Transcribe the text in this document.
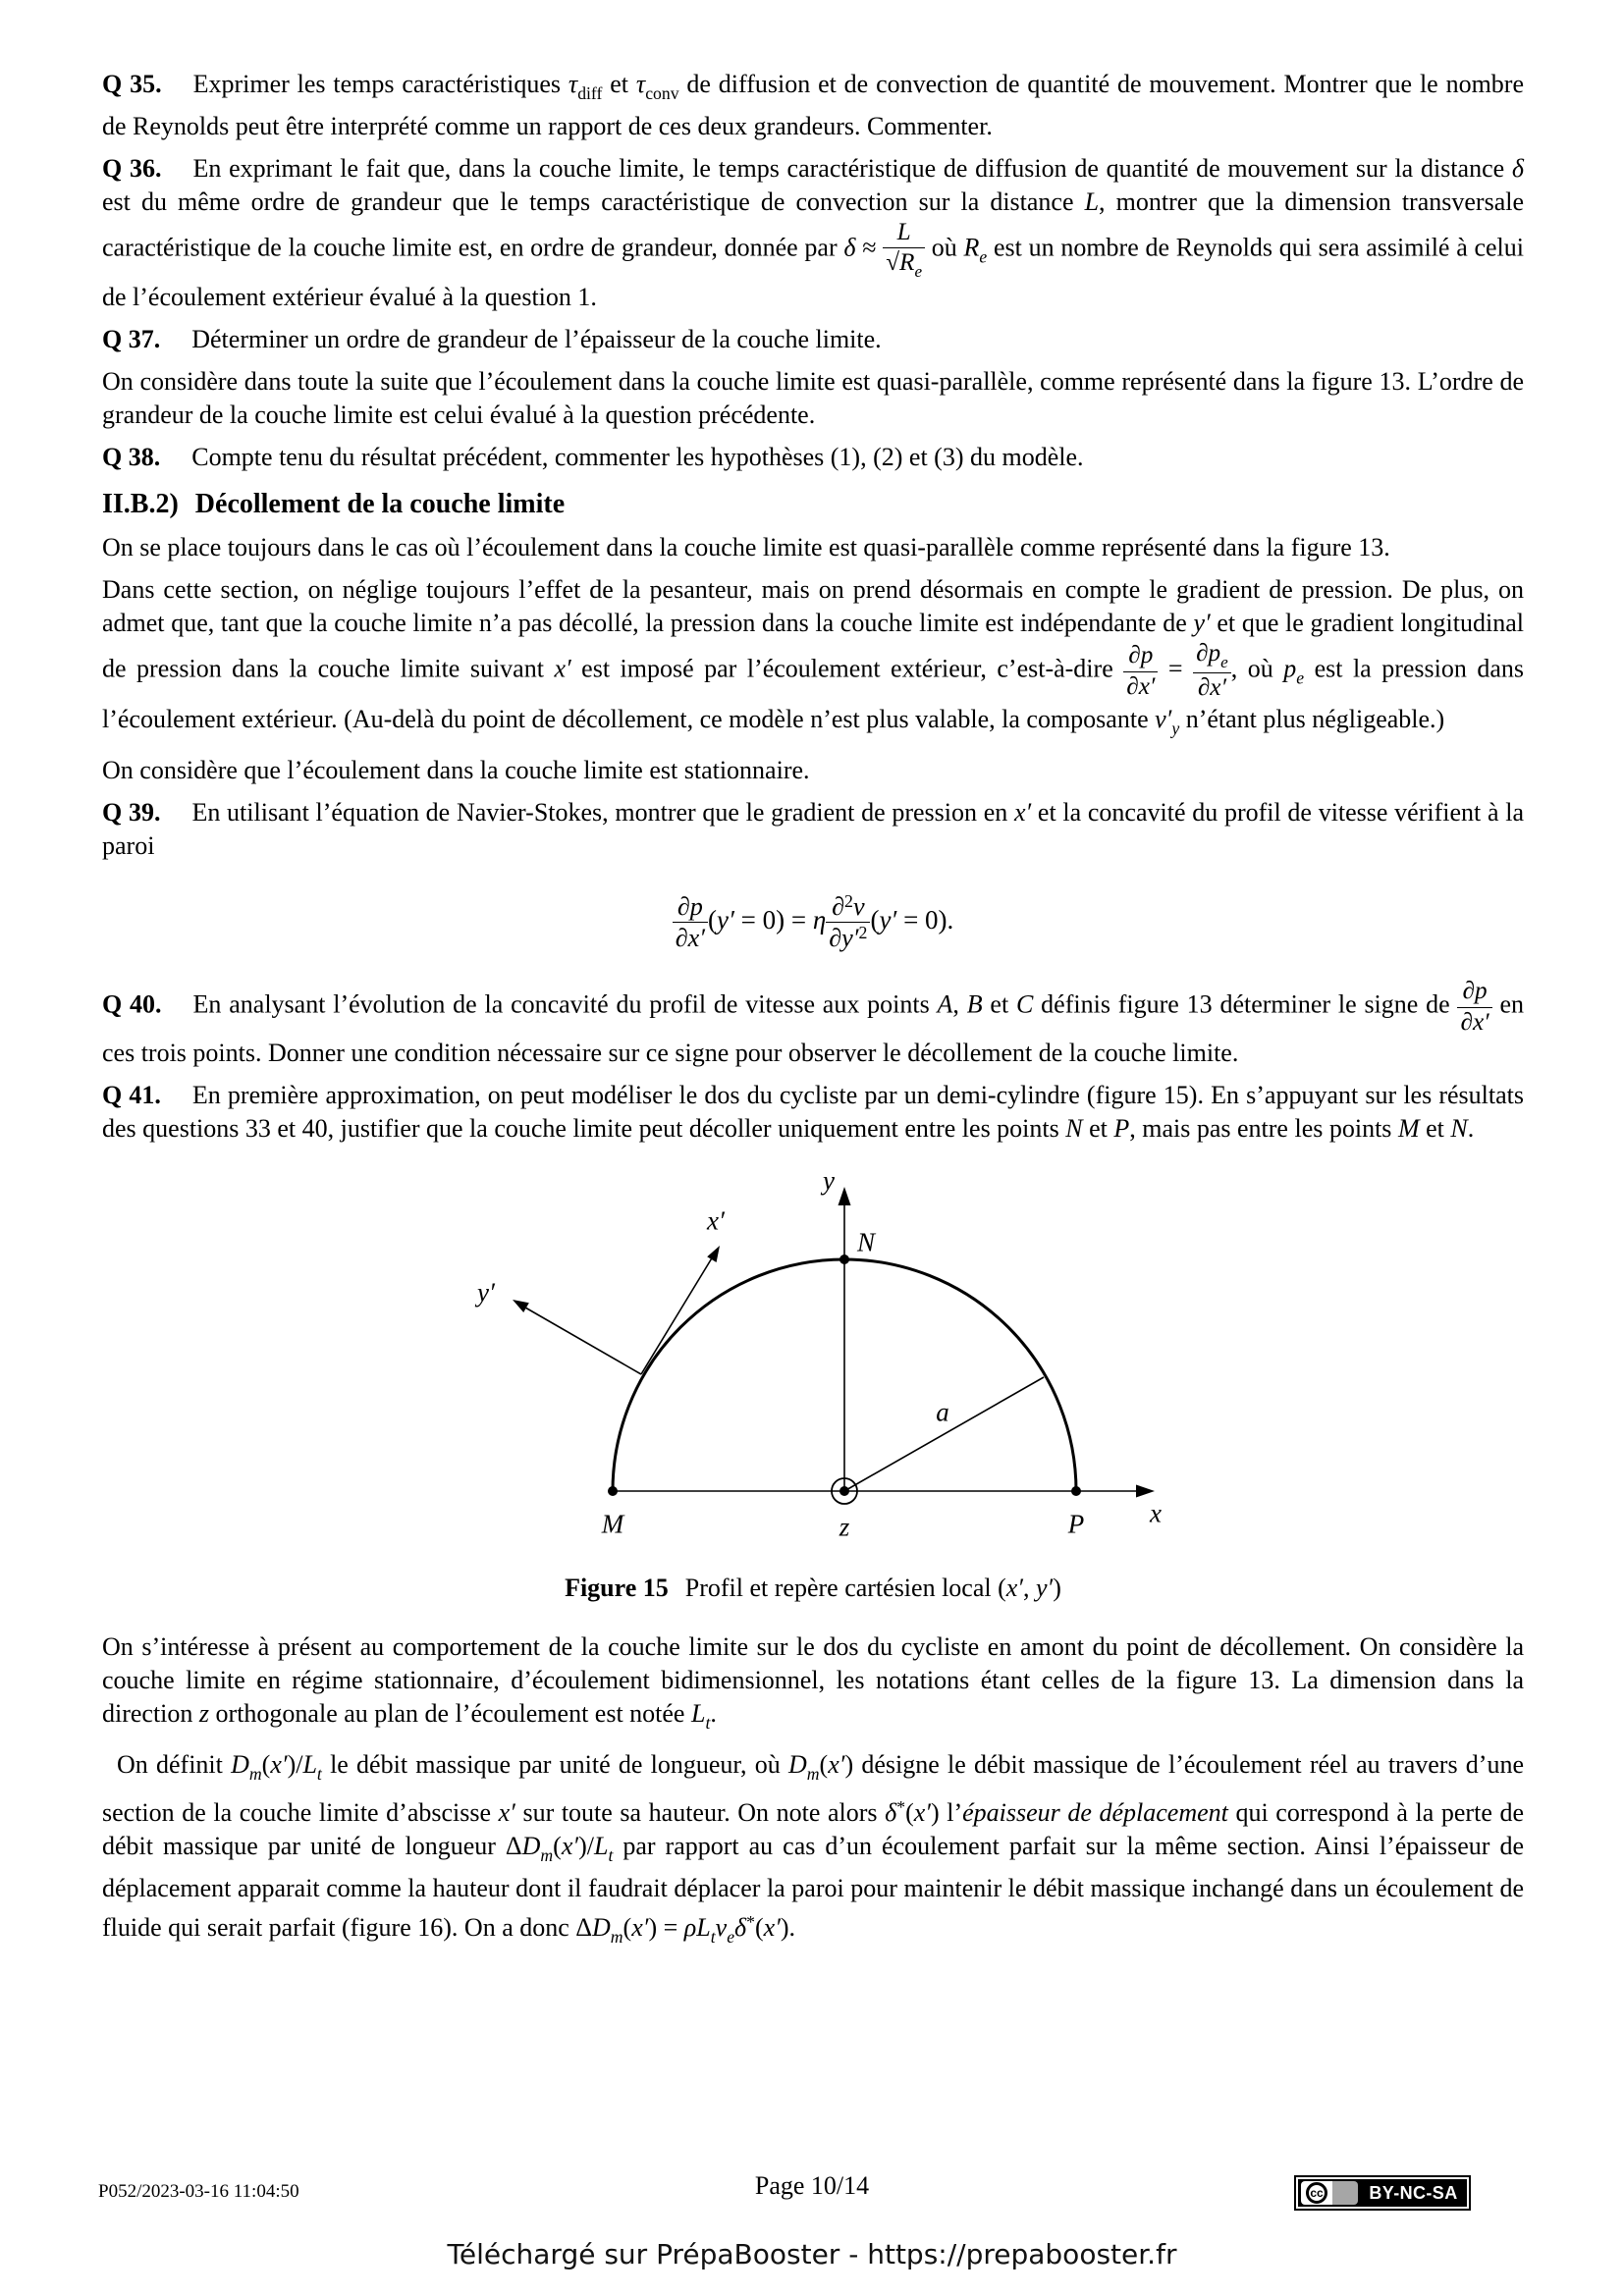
Q 35. Exprimer les temps caractéristiques $\tau_{diff}$ et $\tau_{conv}$ de diffusion et de convection de quantité de mouvement. Montrer que le nombre de Reynolds peut être interprété comme un rapport de ces deux grandeurs. Commenter.
Q 36. En exprimant le fait que, dans la couche limite, le temps caractéristique de diffusion de quantité de mouvement sur la distance δ est du même ordre de grandeur que le temps caractéristique de convection sur la distance L, montrer que la dimension transversale caractéristique de la couche limite est, en ordre de grandeur, donnée par $\delta \approx \frac{L}{√R_e}$ où $R_e$ est un nombre de Reynolds qui sera assimilé à celui de l’écoulement extérieur évalué à la question 1.
Q 37. Déterminer un ordre de grandeur de l’épaisseur de la couche limite.
On considère dans toute la suite que l’écoulement dans la couche limite est quasi-parallèle, comme représenté dans la figure 13. L’ordre de grandeur de la couche limite est celui évalué à la question précédente.
Q 38. Compte tenu du résultat précédent, commenter les hypothèses (1), (2) et (3) du modèle.
II.B.2) Décollement de la couche limite
On se place toujours dans le cas où l’écoulement dans la couche limite est quasi-parallèle comme représenté dans la figure 13.
Dans cette section, on néglige toujours l’effet de la pesanteur, mais on prend désormais en compte le gradient de pression. De plus, on admet que, tant que la couche limite n’a pas décollé, la pression dans la couche limite est indépendante de y′ et que le gradient longitudinal de pression dans la couche limite suivant x′ est imposé par l’écoulement extérieur, c’est-à-dire $\frac{\partial p}{\partial x'} = \frac{\partial p_e}{\partial x'}$ , où $p_e$ est la pression dans l’écoulement extérieur. (Au-delà du point de décollement, ce modèle n’est plus valable, la composante $v'_y$ n’étant plus négligeable.)
On considère que l’écoulement dans la couche limite est stationnaire.
Q 39. En utilisant l’équation de Navier-Stokes, montrer que le gradient de pression en x′ et la concavité du profil de vitesse vérifient à la paroi
$\frac{\partial p}{\partial x'} (y' = 0) = \eta \frac{\partial^2v}{\partial y'^2} (y' = 0)$.
Q 40. En analysant l’évolution de la concavité du profil de vitesse aux points A, B et C définis figure 13 déterminer le signe de $\frac{\partial p}{\partial x'}$ en ces trois points. Donner une condition nécessaire sur ce signe pour observer le décollement de la couche limite.
Q 41. En première approximation, on peut modéliser le dos du cycliste par un demi-cylindre (figure 15). En s’appuyant sur les résultats des questions 33 et 40, justifier que la couche limite peut décoller uniquement entre les points N et P, mais pas entre les points M et N.
y
N
x′
y′
a
M	z	P x
Figure 15 Profil et repère cartésien local (x′, y′)
On s’intéresse à présent au comportement de la couche limite sur le dos du cycliste en amont du point de décollement. On considère la couche limite en régime stationnaire, d’écoulement bidimensionnel, les notations étant celles de la figure 13. La dimension dans la direction z orthogonale au plan de l’écoulement est notée $L_t$.
On définit $D_m(x')/L_t$ le débit massique par unité de longueur, où $D_m(x')$ désigne le débit massique de l’écoulement réel au travers d’une section de la couche limite d’abscisse x′ sur toute sa hauteur. On note alors δ*(x′) l’épaisseur de déplacement qui correspond à la perte de débit massique par unité de longueur $\Delta D_m(x')/L_t$ par rapport au cas d’un écoulement parfait sur la même section. Ainsi l’épaisseur de déplacement apparait comme la hauteur dont il faudrait déplacer la paroi pour maintenir le débit massique inchangé dans un écoulement de fluide qui serait parfait (figure 16). On a donc $\Delta D_m(x') = \rho L_tv_e\delta^*(x')$.
P052/2023-03-16 11:04:50	Page 10/14	cc	BY-NC-SA
Téléchargé sur PrépaBooster - https://prepabooster.fr
